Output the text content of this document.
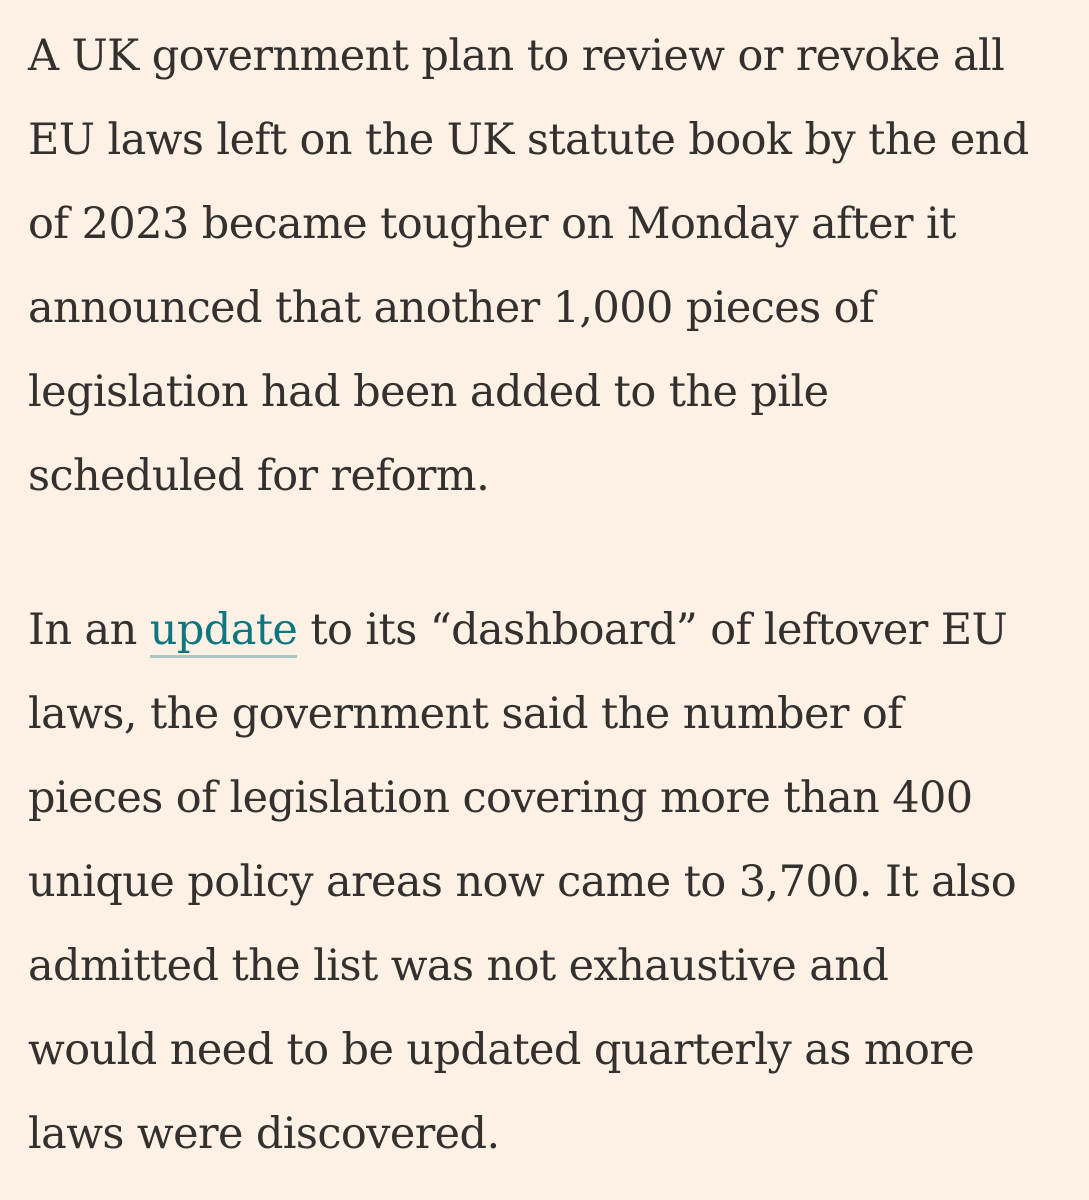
A UK government plan to review or revoke all
EU laws left on the UK statute book by the end
of 2023 became tougher on Monday after it
announced that another 1,000 pieces of
legislation had been added to the pile
scheduled for reform.

In an update to its “dashboard” of leftover EU
laws, the government said the number of
pieces of legislation covering more than 400
unique policy areas now came to 3,700. It also
admitted the list was not exhaustive and
would need to be updated quarterly as more
laws were discovered.
